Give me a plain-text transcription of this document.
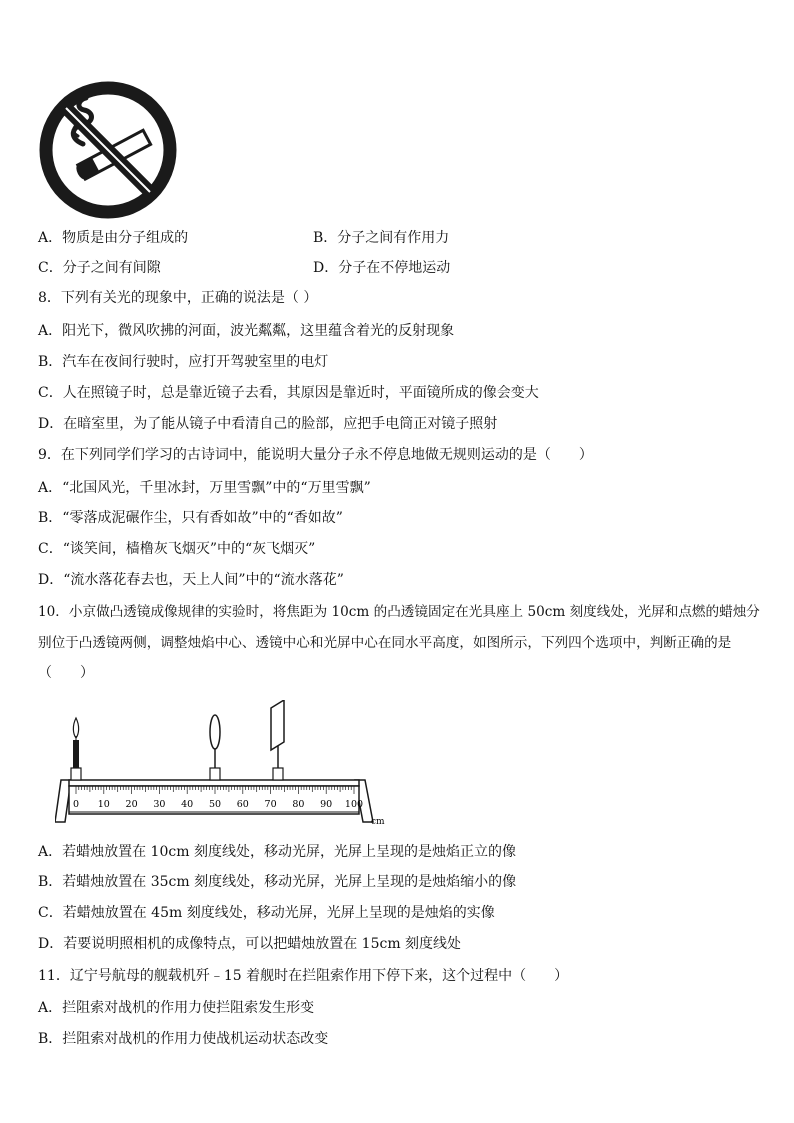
A．物质是由分子组成的	B．分子之间有作用力
C．分子之间有间隙	D．分子在不停地运动
8．下列有关光的现象中，正确的说法是（ ）
A．阳光下，微风吹拂的河面，波光粼粼，这里蕴含着光的反射现象
B．汽车在夜间行驶时，应打开驾驶室里的电灯
C．人在照镜子时，总是靠近镜子去看，其原因是靠近时，平面镜所成的像会变大
D．在暗室里，为了能从镜子中看清自己的脸部，应把手电筒正对镜子照射
9．在下列同学们学习的古诗词中，能说明大量分子永不停息地做无规则运动的是（　　）
A．“北国风光，千里冰封，万里雪飘”中的“万里雪飘”
B．“零落成泥碾作尘，只有香如故”中的“香如故”
C．“谈笑间，樯橹灰飞烟灭”中的“灰飞烟灭”
D．“流水落花春去也，天上人间”中的“流水落花”
10．小京做凸透镜成像规律的实验时，将焦距为 10cm 的凸透镜固定在光具座上 50cm 刻度线处，光屏和点燃的蜡烛分
别位于凸透镜两侧，调整烛焰中心、透镜中心和光屏中心在同水平高度，如图所示，下列四个选项中，判断正确的是
（　　）
0 10 20 30 40 50 60 70 80 90 100
cm
A．若蜡烛放置在 10cm 刻度线处，移动光屏，光屏上呈现的是烛焰正立的像
B．若蜡烛放置在 35cm 刻度线处，移动光屏，光屏上呈现的是烛焰缩小的像
C．若蜡烛放置在 45m 刻度线处，移动光屏，光屏上呈现的是烛焰的实像
D．若要说明照相机的成像特点，可以把蜡烛放置在 15cm 刻度线处
11．辽宁号航母的舰载机歼﹣15 着舰时在拦阻索作用下停下来，这个过程中（　　）
A．拦阻索对战机的作用力使拦阻索发生形变
B．拦阻索对战机的作用力使战机运动状态改变
